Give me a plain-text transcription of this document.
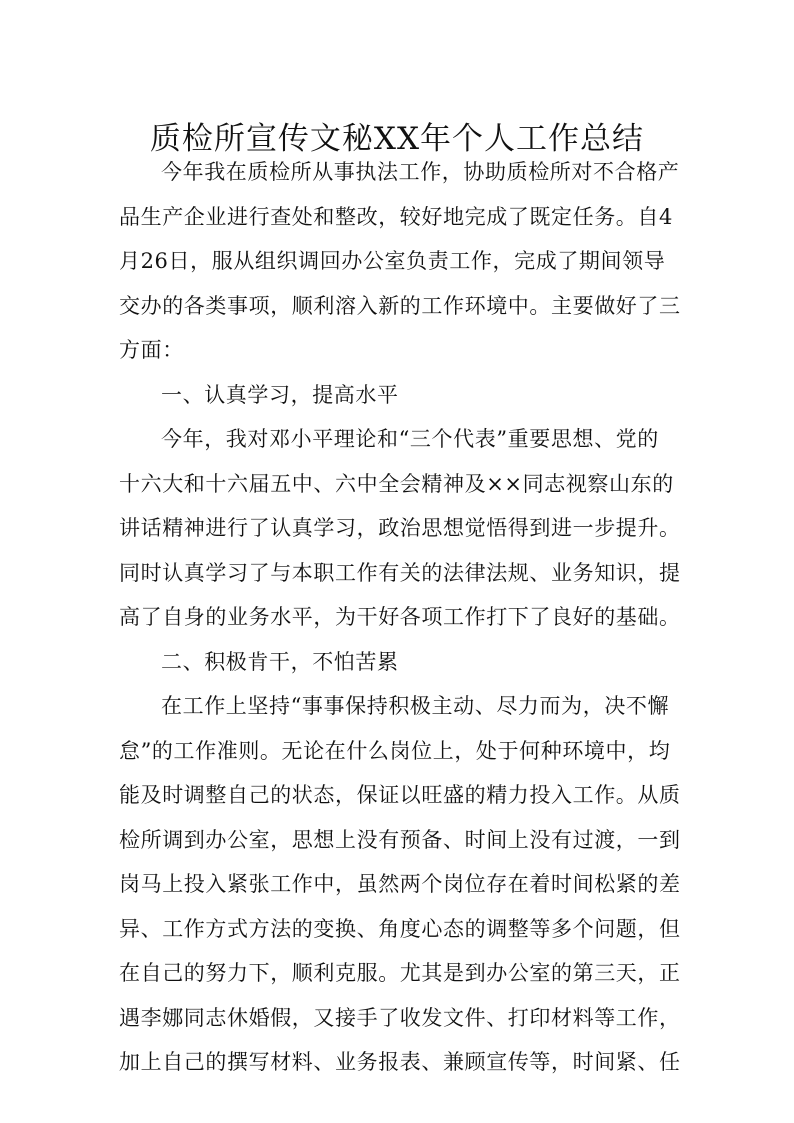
质检所宣传文秘XX年个人工作总结
今年我在质检所从事执法工作，协助质检所对不合格产
品生产企业进行查处和整改，较好地完成了既定任务。自4
月26日，服从组织调回办公室负责工作，完成了期间领导
交办的各类事项，顺利溶入新的工作环境中。主要做好了三
方面：
一、认真学习，提高水平
今年，我对邓小平理论和“三个代表”重要思想、党的
十六大和十六届五中、六中全会精神及××同志视察山东的
讲话精神进行了认真学习，政治思想觉悟得到进一步提升。
同时认真学习了与本职工作有关的法律法规、业务知识，提
高了自身的业务水平，为干好各项工作打下了良好的基础。
二、积极肯干，不怕苦累
在工作上坚持“事事保持积极主动、尽力而为，决不懈
怠”的工作准则。无论在什么岗位上，处于何种环境中，均
能及时调整自己的状态，保证以旺盛的精力投入工作。从质
检所调到办公室，思想上没有预备、时间上没有过渡，一到
岗马上投入紧张工作中，虽然两个岗位存在着时间松紧的差
异、工作方式方法的变换、角度心态的调整等多个问题，但
在自己的努力下，顺利克服。尤其是到办公室的第三天，正
遇李娜同志休婚假，又接手了收发文件、打印材料等工作，
加上自己的撰写材料、业务报表、兼顾宣传等，时间紧、任
